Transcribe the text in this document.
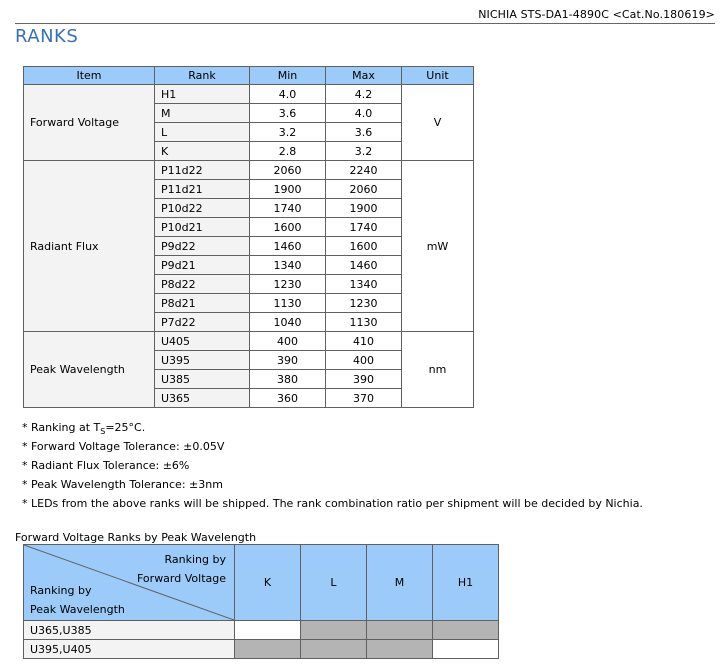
NICHIA STS-DA1-4890C <Cat.No.180619>
RANKS
Item	Rank	Min	Max	Unit
Forward Voltage	H1	4.0	4.2	V
	M	3.6	4.0	
	L	3.2	3.6	
	K	2.8	3.2	
Radiant Flux	P11d22	2060	2240	mW
	P11d21	1900	2060	
	P10d22	1740	1900	
	P10d21	1600	1740	
	P9d22	1460	1600	
	P9d21	1340	1460	
	P8d22	1230	1340	
	P8d21	1130	1230	
	P7d22	1040	1130	
Peak Wavelength	U405	400	410	nm
	U395	390	400	
	U385	380	390	
	U365	360	370	
* Ranking at $T_S=25^\circ C$.
* Forward Voltage Tolerance: ±0.05V
* Radiant Flux Tolerance: ±6%
* Peak Wavelength Tolerance: ±3nm
* LEDs from the above ranks will be shipped. The rank combination ratio per shipment will be decided by Nichia.
Forward Voltage Ranks by Peak Wavelength
Ranking by
Forward Voltage
Ranking by
Peak Wavelength	K	L	M	H1
U365,U385				
U395,U405				
